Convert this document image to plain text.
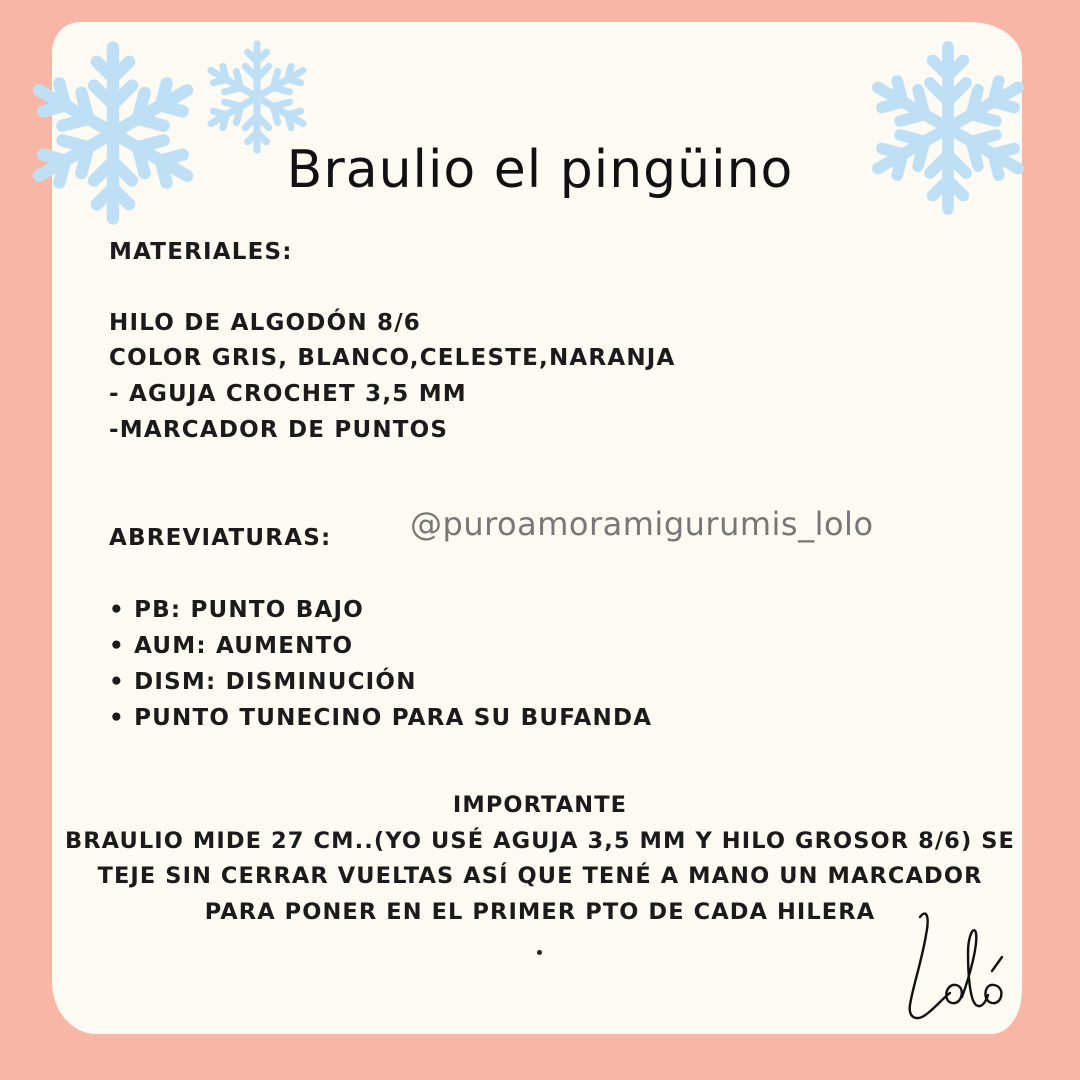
Braulio el pingüino

MATERIALES:

HILO DE ALGODÓN 8/6

COLOR GRIS, BLANCO,CELESTE,NARANJA

- AGUJA CROCHET 3,5 MM

-MARCADOR DE PUNTOS

ABREVIATURAS: @puroamoramigurumis_lolo

• PB: PUNTO BAJO

• AUM: AUMENTO

• DISM: DISMINUCIÓN

• PUNTO TUNECINO PARA SU BUFANDA

IMPORTANTE
BRAULIO MIDE 27 CM..(YO USÉ AGUJA 3,5 MM Y HILO GROSOR 8/6) SE
TEJE SIN CERRAR VUELTAS ASÍ QUE TENÉ A MANO UN MARCADOR
PARA PONER EN EL PRIMER PTO DE CADA HILERA
